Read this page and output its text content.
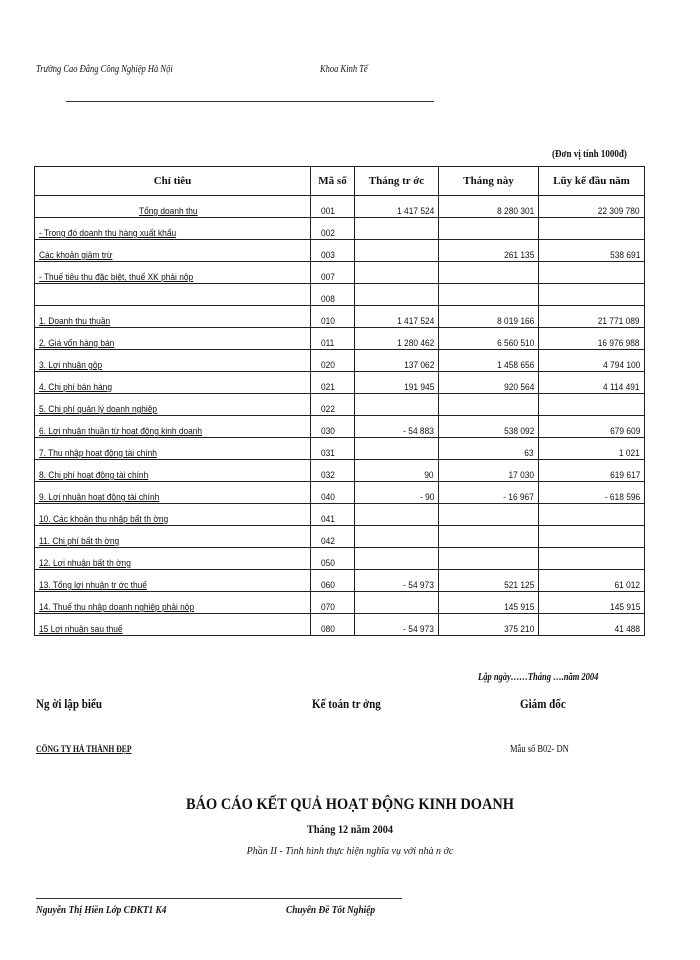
Trường Cao Đẳng Công Nghiệp Hà Nội	Khoa Kinh Tế
(Đơn vị tính 1000đ)
Chỉ tiêu	Mã số	Tháng tr ớc	Tháng này	Lũy kế đầu năm
Tổng doanh thu	001	1 417 524	8 280 301	22 309 780
- Trong đó doanh thu hàng xuất khẩu	002			
Các khoản giảm trừ	003		261 135	538 691
- Thuế tiêu thụ đặc biệt, thuế XK phải nộp	007			
	008			
1. Doanh thu thuần	010	1 417 524	8 019 166	21 771 089
2. Giá vốn hàng bán	011	1 280 462	6 560 510	16 976 988
3. Lợi nhuận gộp	020	137 062	1 458 656	4 794 100
4. Chi phí bán hàng	021	191 945	920 564	4 114 491
5. Chi phí quản lý doanh nghiệp	022			
6. Lợi nhuận thuần từ hoạt động kinh doanh	030	- 54 883	538 092	679 609
7. Thu nhập hoạt động tài chính	031		63	1 021
8. Chi phí hoạt động tài chính	032	90	17 030	619 617
9. Lợi nhuận hoạt động tài chính	040	- 90	- 16 967	- 618 596
10. Các khoản thu nhập bất th ờng	041			
11. Chi phí bất th ờng	042			
12. Lợi nhuận bất th ờng	050			
13. Tổng lợi nhuận tr ớc thuế	060	- 54 973	521 125	61 012
14. Thuế thu nhập doanh nghiệp phải nộp	070		145 915	145 915
15 Lợi nhuận sau thuế	080	- 54 973	375 210	41 488
Lập ngày……Tháng ….năm 2004
Ng ời lập biểu	Kế toán tr ởng	Giám đốc
CÔNG TY HÀ THÀNH ĐẸP	Mẫu số B02- DN
BÁO CÁO KẾT QUẢ HOẠT ĐỘNG KINH DOANH
Tháng 12 năm 2004
Phần II - Tình hình thực hiện nghĩa vụ với nhà n ớc
Nguyễn Thị Hiền Lớp CĐKT1 K4	Chuyên Đề Tốt Nghiệp
